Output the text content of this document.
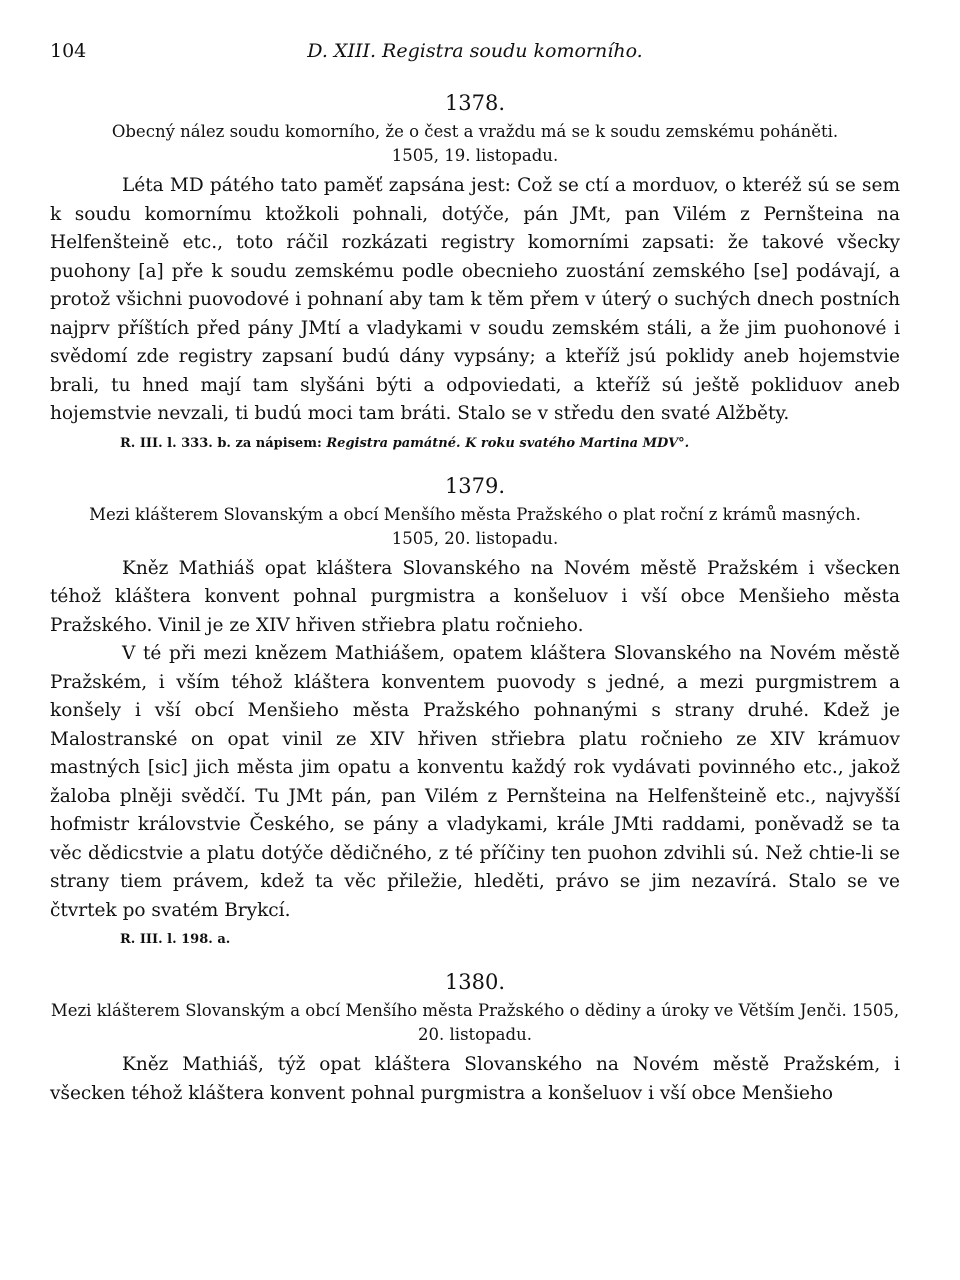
104	D. XIII. Registra soudu komorního.

1378.

Obecný nález soudu komorního, že o čest a vraždu má se k soudu zemskému poháněti.
1505, 19. listopadu.

Léta MD pátého tato paměť zapsána jest: Což se ctí a morduov, o kteréž sú se sem k soudu komornímu ktožkoli pohnali, dotýče, pán JMt, pan Vilém z Pernšteina na Helfenšteině etc., toto ráčil rozkázati registry komorními zapsati: že takové všecky puohony [a] pře k soudu zemskému podle obecnieho zuostání zemského [se] podávají, a protož všichni puovodové i pohnaní aby tam k těm přem v úterý o suchých dnech postních najprv příštích před pány JMtí a vladykami v soudu zemském stáli, a že jim puohonové i svědomí zde registry zapsaní budú dány vypsány; a kteříž jsú poklidy aneb hojemstvie brali, tu hned mají tam slyšáni býti a odpoviedati, a kteříž sú ještě pokliduov aneb hojemstvie nevzali, ti budú moci tam bráti. Stalo se v středu den svaté Alžběty.

R. III. l. 333. b. za nápisem: Registra památné. K roku svatého Martina MDV°.

1379.

Mezi klášterem Slovanským a obcí Menšího města Pražského o plat roční z krámů masných.
1505, 20. listopadu.

Kněz Mathiáš opat kláštera Slovanského na Novém městě Pražském i všecken téhož kláštera konvent pohnal purgmistra a konšeluov i vší obce Menšieho města Pražského. Vinil je ze XIV hřiven střiebra platu ročnieho.

V té při mezi knězem Mathiášem, opatem kláštera Slovanského na Novém městě Pražském, i vším téhož kláštera konventem puovody s jedné, a mezi purgmistrem a konšely i vší obcí Menšieho města Pražského pohnanými s strany druhé. Kdež je Malostranské on opat vinil ze XIV hřiven střiebra platu ročnieho ze XIV krámuov mastných [sic] jich města jim opatu a konventu každý rok vydávati povinného etc., jakož žaloba plněji svědčí. Tu JMt pán, pan Vilém z Pernšteina na Helfenšteině etc., najvyšší hofmistr královstvie Českého, se pány a vladykami, krále JMti raddami, poněvadž se ta věc dědicstvie a platu dotýče dědičného, z té příčiny ten puohon zdvihli sú. Než chtie-li se strany tiem právem, kdež ta věc přiležie, hleděti, právo se jim nezavírá. Stalo se ve čtvrtek po svatém Brykcí.

R. III. l. 198. a.

1380.

Mezi klášterem Slovanským a obcí Menšího města Pražského o dědiny a úroky ve Větším Jenči. 1505, 20. listopadu.

Kněz Mathiáš, týž opat kláštera Slovanského na Novém městě Pražském, i všecken téhož kláštera konvent pohnal purgmistra a konšeluov i vší obce Menšieho
